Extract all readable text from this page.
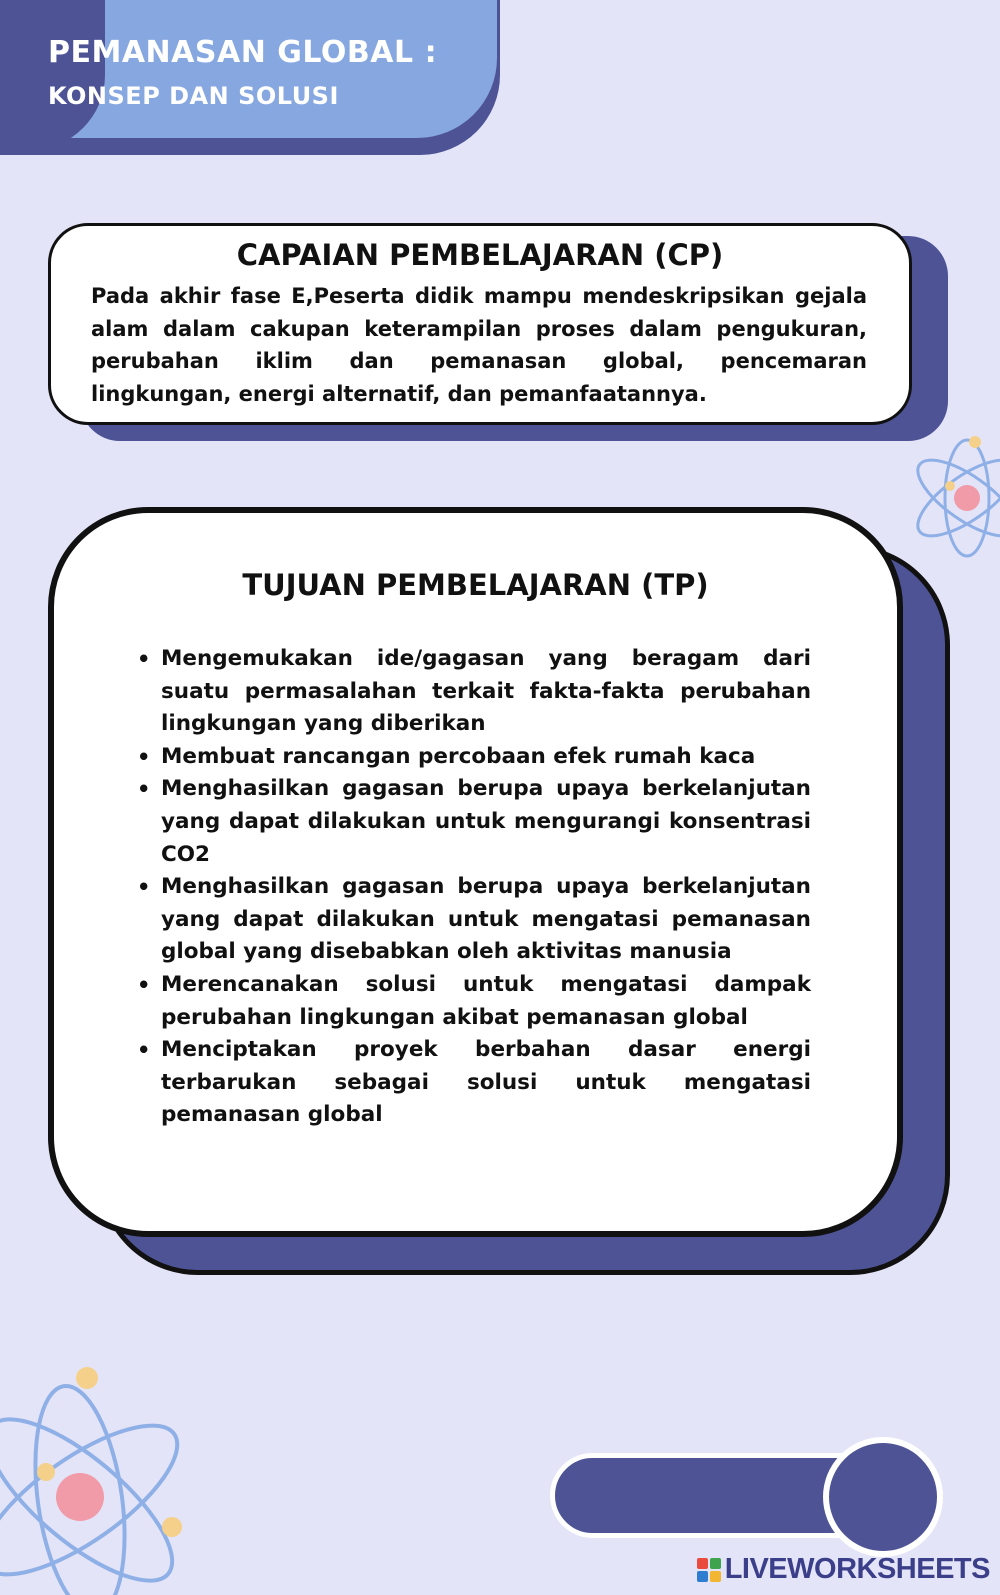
PEMANASAN GLOBAL :
KONSEP DAN SOLUSI
CAPAIAN PEMBELAJARAN (CP)
Pada akhir fase E,Peserta didik mampu mendeskripsikan gejala alam dalam cakupan keterampilan proses dalam pengukuran, perubahan iklim dan pemanasan global, pencemaran lingkungan, energi alternatif, dan pemanfaatannya.
TUJUAN PEMBELAJARAN (TP)
• Mengemukakan ide/gagasan yang beragam dari suatu permasalahan terkait fakta-fakta perubahan lingkungan yang diberikan
• Membuat rancangan percobaan efek rumah kaca
• Menghasilkan gagasan berupa upaya berkelanjutan yang dapat dilakukan untuk mengurangi konsentrasi CO2
• Menghasilkan gagasan berupa upaya berkelanjutan yang dapat dilakukan untuk mengatasi pemanasan global yang disebabkan oleh aktivitas manusia
• Merencanakan solusi untuk mengatasi dampak perubahan lingkungan akibat pemanasan global
• Menciptakan proyek berbahan dasar energi terbarukan sebagai solusi untuk mengatasi pemanasan global
LIVEWORKSHEETS
